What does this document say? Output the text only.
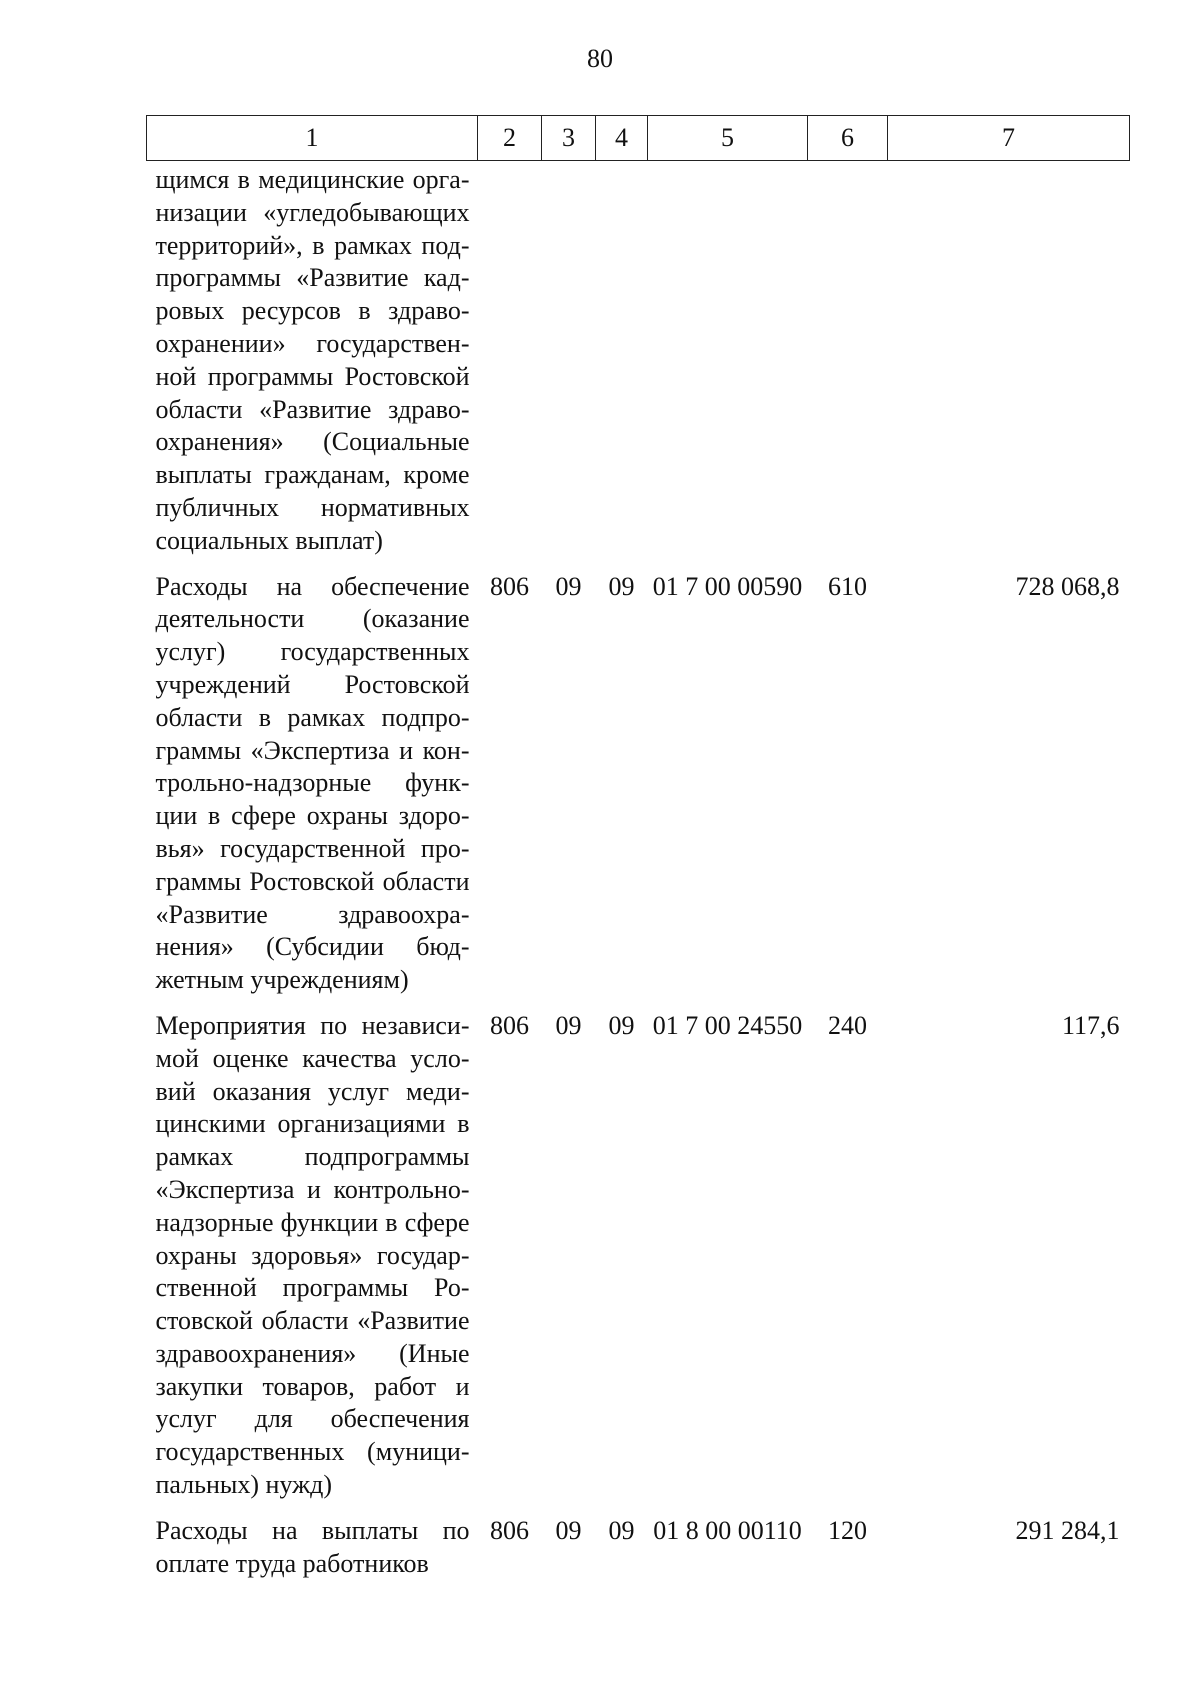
80
1	2	3	4	5	6	7
щимся в медицинские организации «угледобывающих территорий», в рамках подпрограммы «Развитие кадровых ресурсов в здравоохранении» государственной программы Ростовской области «Развитие здравоохранения» (Социальные выплаты гражданам, кроме публичных нормативных социальных выплат)						
Расходы на обеспечение деятельности (оказание услуг) государственных учреждений Ростовской области в рамках подпрограммы «Экспертиза и контрольно-надзорные функции в сфере охраны здоровья» государственной программы Ростовской области «Развитие здравоохранения» (Субсидии бюджетным учреждениям)	806	09	09	01 7 00 00590	610	728 068,8
Мероприятия по независимой оценке качества условий оказания услуг медицинскими организациями в рамках подпрограммы «Экспертиза и контрольно-надзорные функции в сфере охраны здоровья» государственной программы Ростовской области «Развитие здравоохранения» (Иные закупки товаров, работ и услуг для обеспечения государственных (муниципальных) нужд)	806	09	09	01 7 00 24550	240	117,6
Расходы на выплаты по оплате труда работников	806	09	09	01 8 00 00110	120	291 284,1
